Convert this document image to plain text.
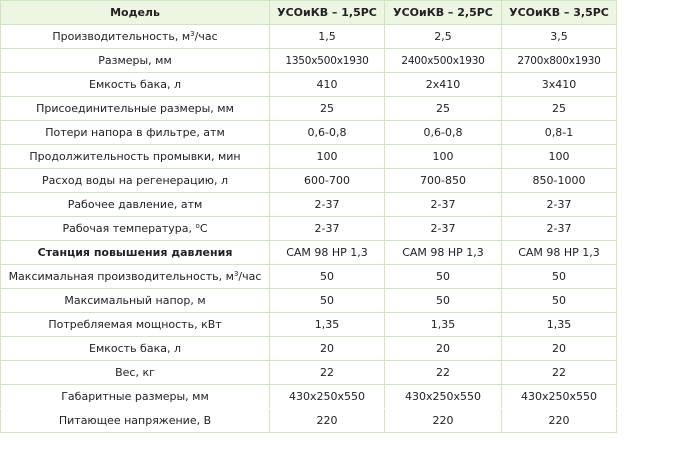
Модель	УСОиКВ – 1,5РС	УСОиКВ – 2,5РС	УСОиКВ – 3,5РС
Производительность, $м^3$/час	1,5	2,5	3,5
Размеры, мм	1350х500х1930	2400х500х1930	2700х800х1930
Емкость бака, л	410	2х410	3х410
Присоединительные размеры, мм	25	25	25
Потери напора в фильтре, атм	0,6-0,8	0,6-0,8	0,8-1
Продолжительность промывки, мин	100	100	100
Расход воды на регенерацию, л	600-700	700-850	850-1000
Рабочее давление, атм	2-37	2-37	2-37
Рабочая температура, $^о$С	2-37	2-37	2-37
Станция повышения давления	CAM 98 HP 1,3	CAM 98 HP 1,3	CAM 98 HP 1,3
Максимальная производительность, $м^3$/час	50	50	50
Максимальный напор, м	50	50	50
Потребляемая мощность, кВт	1,35	1,35	1,35
Емкость бака, л	20	20	20
Вес, кг	22	22	22
Габаритные размеры, мм	430х250х550	430х250х550	430х250х550
Питающее напряжение, В	220	220	220
